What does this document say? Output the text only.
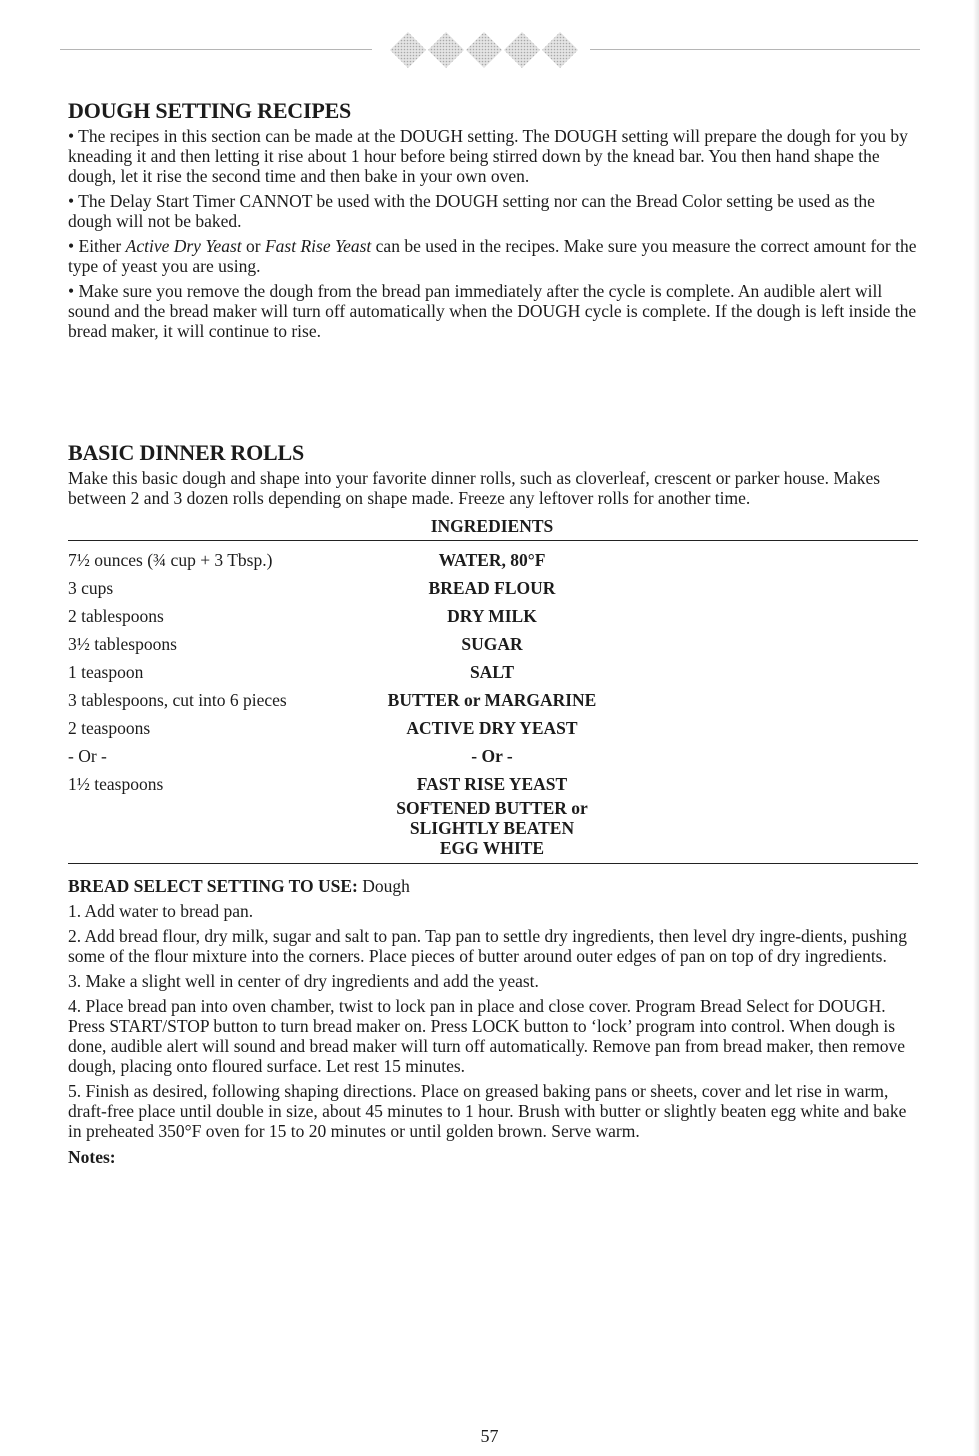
DOUGH SETTING RECIPES

• The recipes in this section can be made at the DOUGH setting. The DOUGH setting will prepare the dough for you by kneading it and then letting it rise about 1 hour before being stirred down by the knead bar. You then hand shape the dough, let it rise the second time and then bake in your own oven.

• The Delay Start Timer CANNOT be used with the DOUGH setting nor can the Bread Color setting be used as the dough will not be baked.

• Either Active Dry Yeast or Fast Rise Yeast can be used in the recipes. Make sure you measure the correct amount for the type of yeast you are using.

• Make sure you remove the dough from the bread pan immediately after the cycle is complete. An audible alert will sound and the bread maker will turn off automatically when the DOUGH cycle is complete. If the dough is left inside the bread maker, it will continue to rise.

BASIC DINNER ROLLS

Make this basic dough and shape into your favorite dinner rolls, such as cloverleaf, crescent or parker house. Makes between 2 and 3 dozen rolls depending on shape made. Freeze any leftover rolls for another time.

INGREDIENTS
7½ ounces (¾ cup + 3 Tbsp.)	WATER, 80°F
3 cups	BREAD FLOUR
2 tablespoons	DRY MILK
3½ tablespoons	SUGAR
1 teaspoon	SALT
3 tablespoons, cut into 6 pieces	BUTTER or MARGARINE
2 teaspoons	ACTIVE DRY YEAST
- Or -	- Or -
1½ teaspoons	FAST RISE YEAST
SOFTENED BUTTER or
SLIGHTLY BEATEN
EGG WHITE

BREAD SELECT SETTING TO USE: Dough

1. Add water to bread pan.

2. Add bread flour, dry milk, sugar and salt to pan. Tap pan to settle dry ingredients, then level dry ingre-dients, pushing some of the flour mixture into the corners. Place pieces of butter around outer edges of pan on top of dry ingredients.

3. Make a slight well in center of dry ingredients and add the yeast.

4. Place bread pan into oven chamber, twist to lock pan in place and close cover. Program Bread Select for DOUGH. Press START/STOP button to turn bread maker on. Press LOCK button to ‘lock’ program into control. When dough is done, audible alert will sound and bread maker will turn off automatically. Remove pan from bread maker, then remove dough, placing onto floured surface. Let rest 15 minutes.

5. Finish as desired, following shaping directions. Place on greased baking pans or sheets, cover and let rise in warm, draft-free place until double in size, about 45 minutes to 1 hour. Brush with butter or slightly beaten egg white and bake in preheated 350°F oven for 15 to 20 minutes or until golden brown. Serve warm.

Notes:
57
